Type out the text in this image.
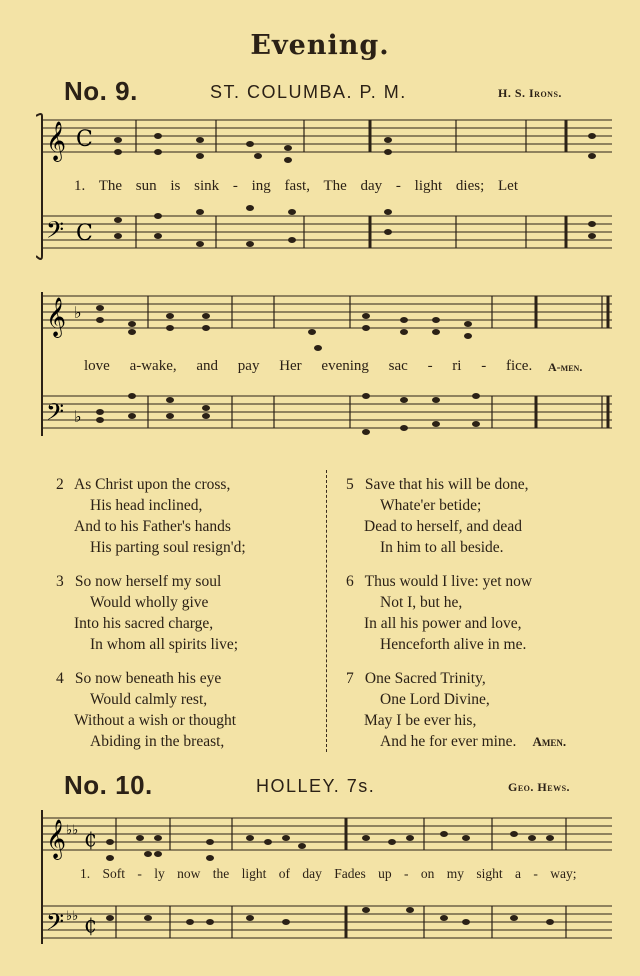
Evening.
No. 9.	ST. COLUMBA. P. M.	H. S. Irons.
𝄞 C
𝄢 C
1. The sun is sink - ing fast, The day - light dies; Let
𝄞 ♭
𝄢 ♭
love a-wake, and pay Her evening sac - ri - fice. A-men.
2 As Christ upon the cross,
His head inclined,
And to his Father's hands
His parting soul resign'd;
3 So now herself my soul
Would wholly give
Into his sacred charge,
In whom all spirits live;
4 So now beneath his eye
Would calmly rest,
Without a wish or thought
Abiding in the breast,
5 Save that his will be done,
Whate'er betide;
Dead to herself, and dead
In him to all beside.
6 Thus would I live: yet now
Not I, but he,
In all his power and love,
Henceforth alive in me.
7 One Sacred Trinity,
One Lord Divine,
May I be ever his,
And he for ever mine. Amen.
No. 10.	HOLLEY. 7s.	Geo. Hews.
𝄞 ♭♭ ₵
𝄢 ♭♭ ₵
1. Soft - ly now the light of day Fades up - on my sight a - way;
